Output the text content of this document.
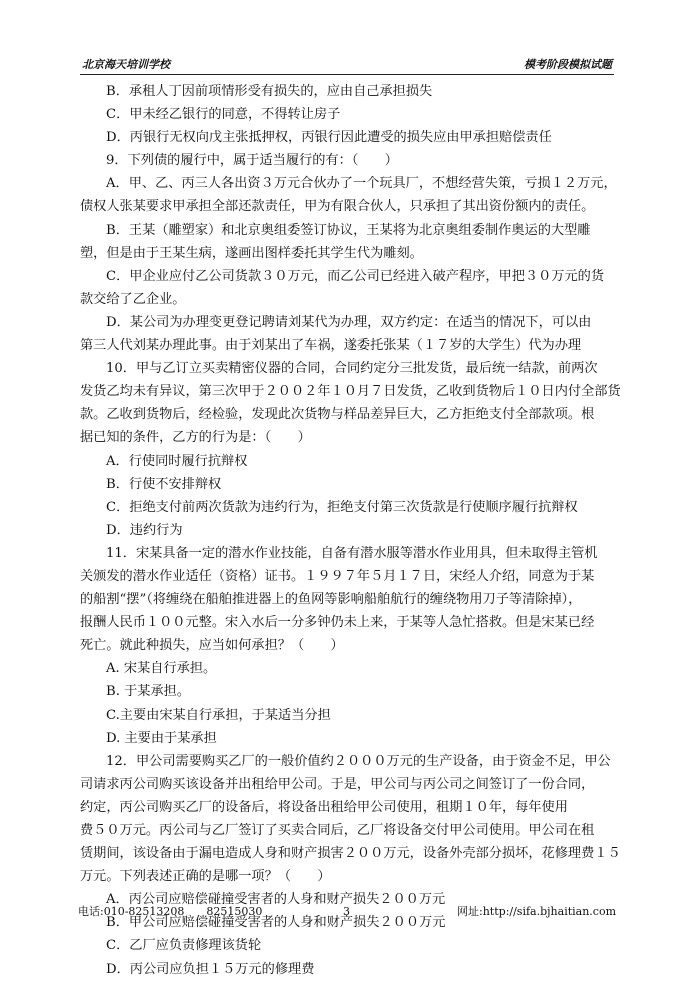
北京海天培训学校	模考阶段模拟试题
B．承租人丁因前项情形受有损失的，应由自己承担损失
C．甲未经乙银行的同意，不得转让房子
D．丙银行无权向戊主张抵押权，丙银行因此遭受的损失应由甲承担赔偿责任
9．下列债的履行中，属于适当履行的有：（　　）
A．甲、乙、丙三人各出资３万元合伙办了一个玩具厂，不想经营失策，亏损１２万元，
债权人张某要求甲承担全部还款责任，甲为有限合伙人，只承担了其出资份额内的责任。
B．王某（雕塑家）和北京奥组委签订协议，王某将为北京奥组委制作奥运的大型雕
塑，但是由于王某生病，遂画出图样委托其学生代为雕刻。
C．甲企业应付乙公司货款３０万元，而乙公司已经进入破产程序，甲把３０万元的货
款交给了乙企业。
D．某公司为办理变更登记聘请刘某代为办理，双方约定：在适当的情况下，可以由
第三人代刘某办理此事。由于刘某出了车祸，遂委托张某（１７岁的大学生）代为办理
10．甲与乙订立买卖精密仪器的合同，合同约定分三批发货，最后统一结款，前两次
发货乙均未有异议，第三次甲于２００２年１０月７日发货，乙收到货物后１０日内付全部货
款。乙收到货物后，经检验，发现此次货物与样品差异巨大，乙方拒绝支付全部款项。根
据已知的条件，乙方的行为是：（　　）
A．行使同时履行抗辩权
B．行使不安排辩权
C．拒绝支付前两次货款为违约行为，拒绝支付第三次货款是行使顺序履行抗辩权
D．违约行为
11．宋某具备一定的潜水作业技能，自备有潜水服等潜水作业用具，但未取得主管机
关颁发的潜水作业适任（资格）证书。１９９７年５月１７日，宋经人介绍，同意为于某
的船割“摆”（将缠绕在船舶推进器上的鱼网等影响船舶航行的缠绕物用刀子等清除掉），
报酬人民币１００元整。宋入水后一分多钟仍未上来，于某等人急忙搭救。但是宋某已经
死亡。就此种损失，应当如何承担？（　　）
A. 宋某自行承担。
B. 于某承担。
C.主要由宋某自行承担，于某适当分担
D. 主要由于某承担
12．甲公司需要购买乙厂的一般价值约２０００万元的生产设备，由于资金不足，甲公
司请求丙公司购买该设备并出租给甲公司。于是，甲公司与丙公司之间签订了一份合同，
约定，丙公司购买乙厂的设备后，将设备出租给甲公司使用，租期１０年，每年使用
费５０万元。丙公司与乙厂签订了买卖合同后，乙厂将设备交付甲公司使用。甲公司在租
赁期间，该设备由于漏电造成人身和财产损害２００万元，设备外壳部分损坏，花修理费１５
万元。下列表述正确的是哪一项？（　　）
A．丙公司应赔偿碰撞受害者的人身和财产损失２００万元
B．甲公司应赔偿碰撞受害者的人身和财产损失２００万元
C．乙厂应负责修理该货轮
D．丙公司应负担１５万元的修理费
电话:010-82513208　　82515030	3	网址:http://sifa.bjhaitian.com
